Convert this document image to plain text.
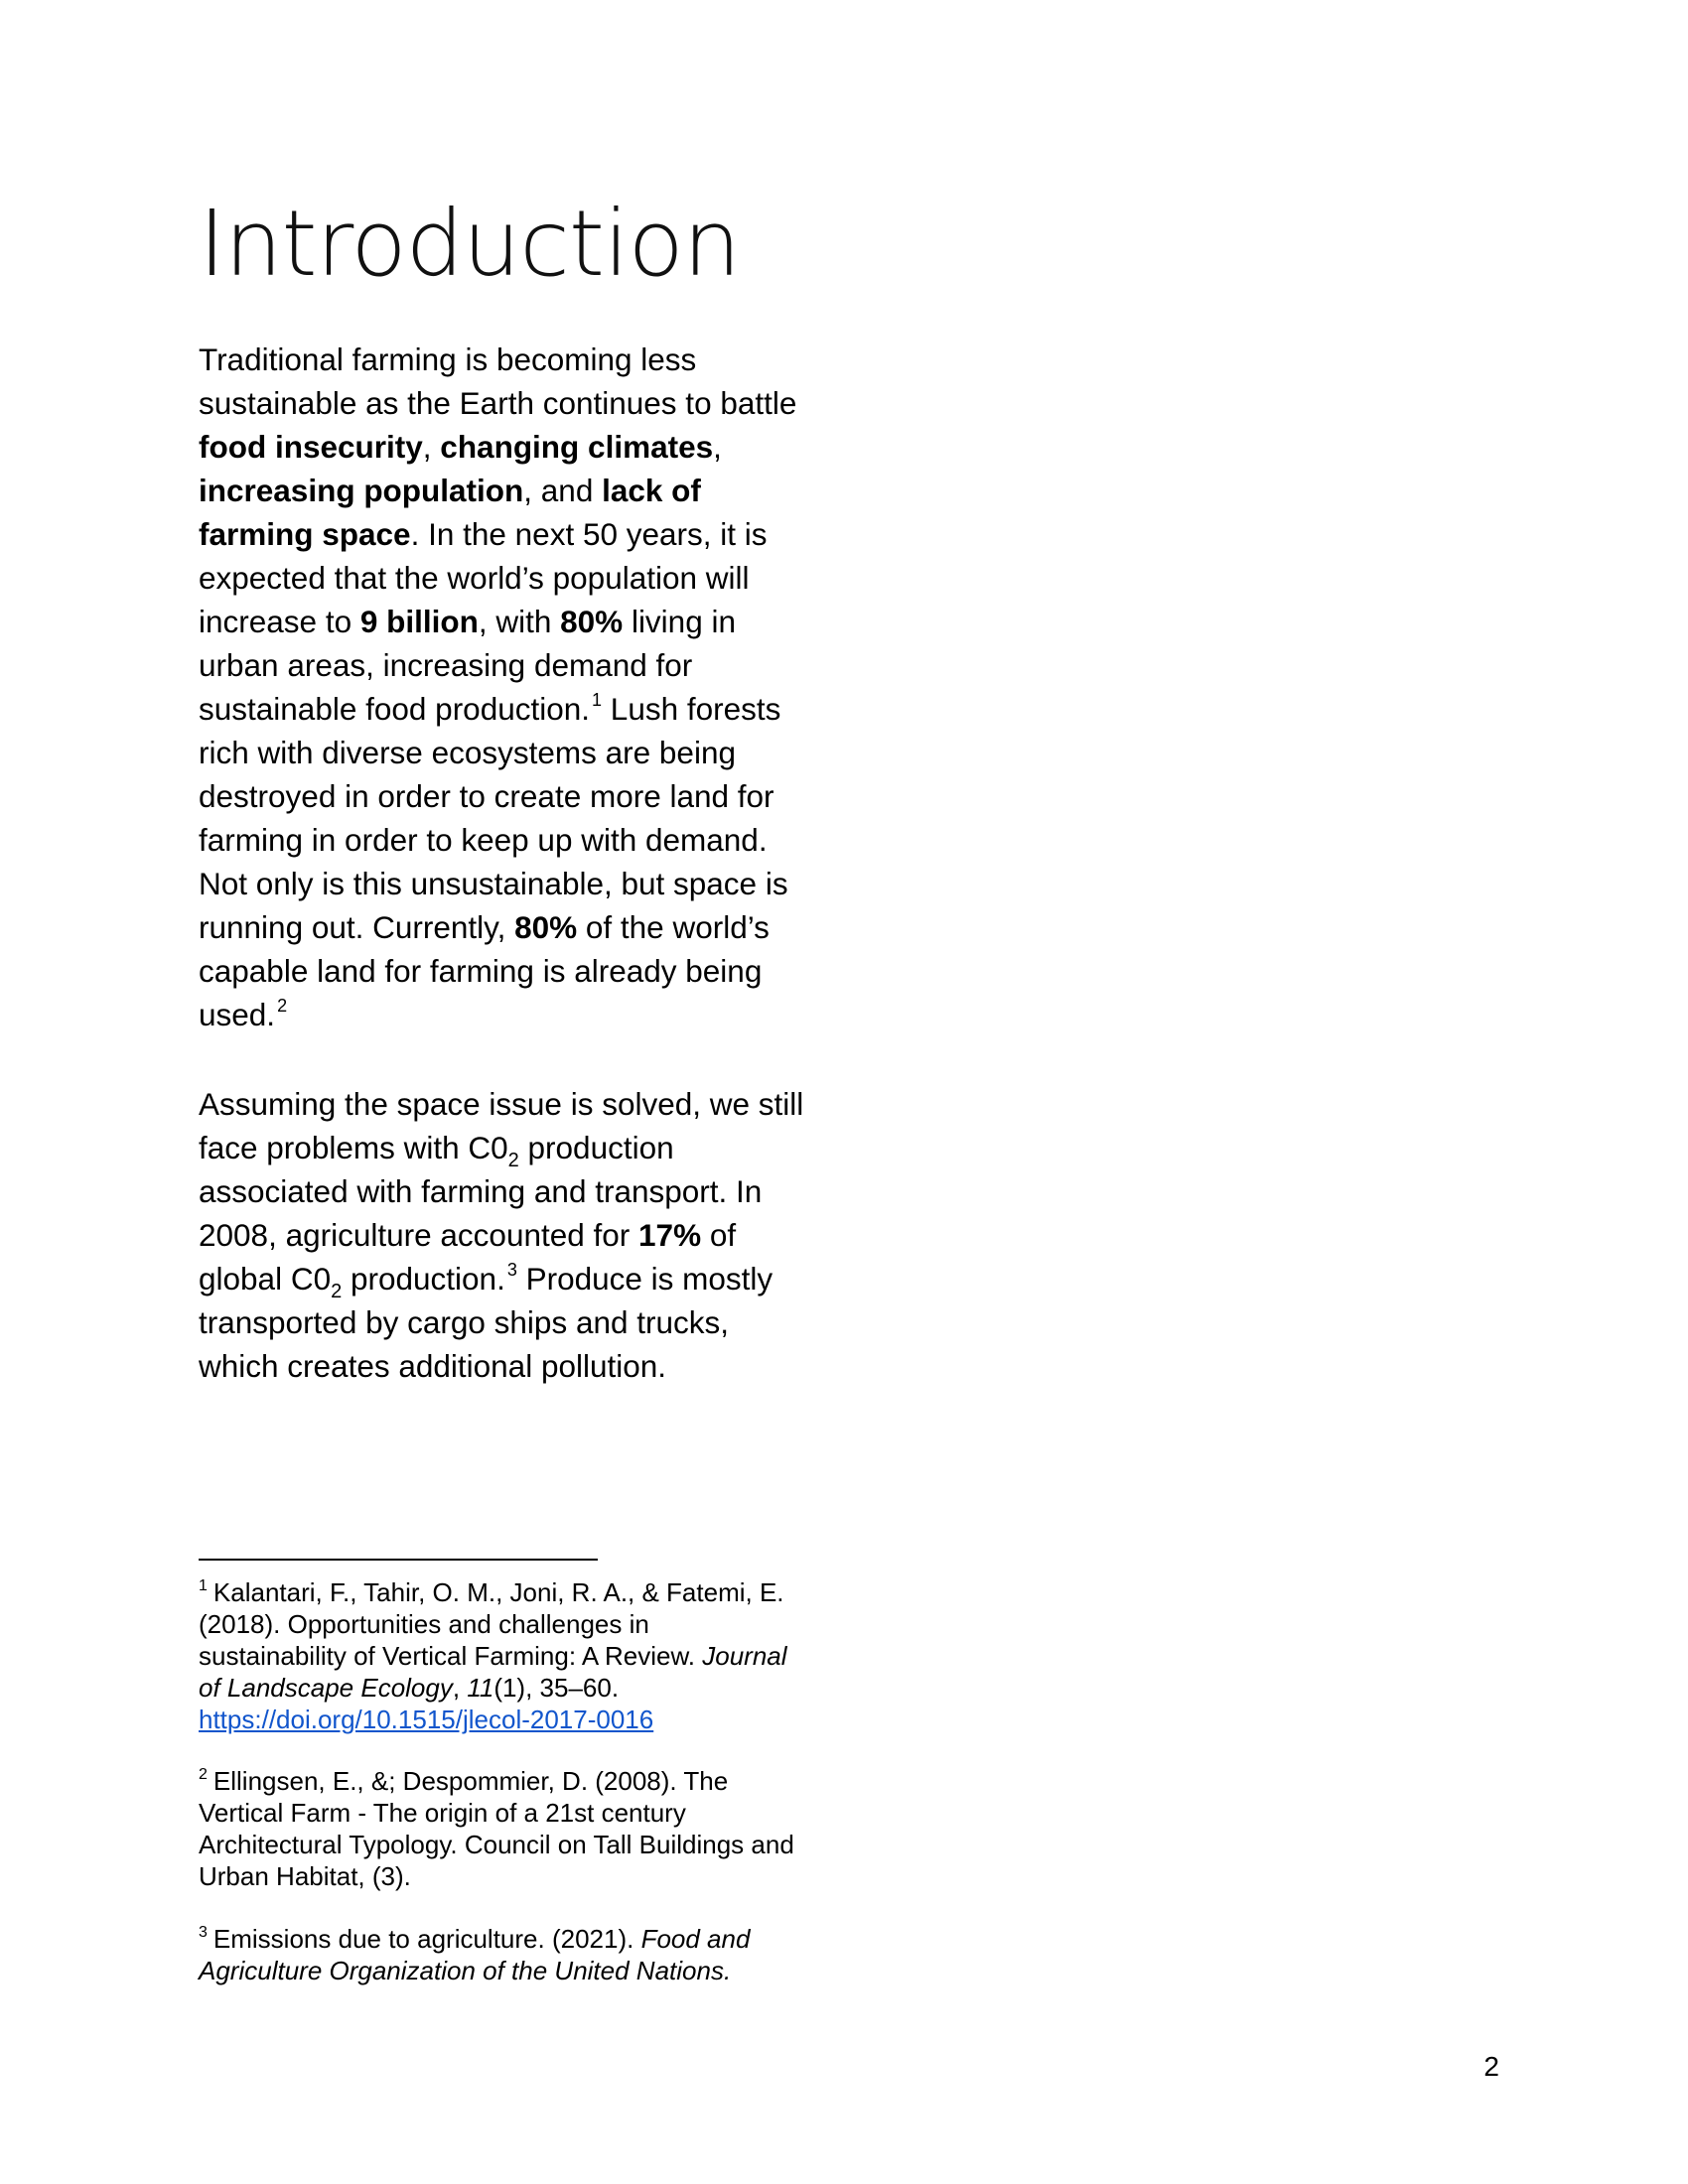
Introduction

Traditional farming is becoming less
sustainable as the Earth continues to battle
food insecurity, changing climates,
increasing population, and lack of
farming space. In the next 50 years, it is
expected that the world’s population will
increase to 9 billion, with 80% living in
urban areas, increasing demand for
sustainable food production. $^1$ Lush forests
rich with diverse ecosystems are being
destroyed in order to create more land for
farming in order to keep up with demand.
Not only is this unsustainable, but space is
running out. Currently, 80% of the world’s
capable land for farming is already being
used. $^2$

Assuming the space issue is solved, we still
face problems with $C0_2$ production
associated with farming and transport. In
2008, agriculture accounted for 17% of
global $C0_2$ production. $^3$ Produce is mostly
transported by cargo ships and trucks,
which creates additional pollution.

$^1$ Kalantari, F., Tahir, O. M., Joni, R. A., & Fatemi, E.
(2018). Opportunities and challenges in
sustainability of Vertical Farming: A Review. Journal
of Landscape Ecology, 11(1), 35–60.
https://doi.org/10.1515/jlecol-2017-0016
$^2$ Ellingsen, E., &; Despommier, D. (2008). The
Vertical Farm - The origin of a 21st century
Architectural Typology. Council on Tall Buildings and
Urban Habitat, (3).
$^3$ Emissions due to agriculture. (2021). Food and
Agriculture Organization of the United Nations.
2
